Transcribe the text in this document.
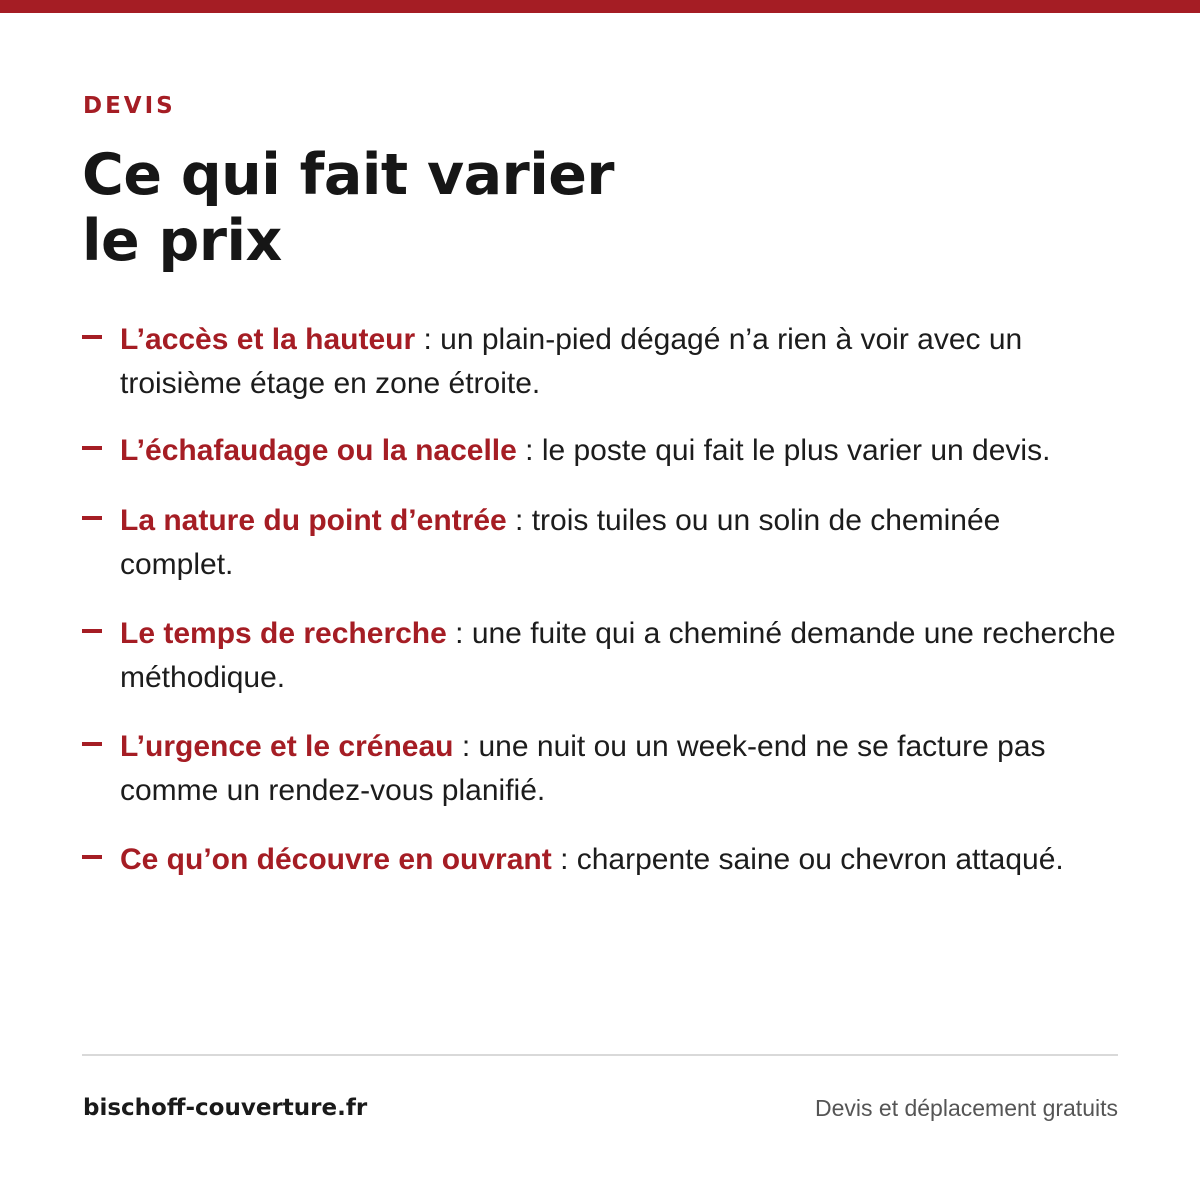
DEVIS
Ce qui fait varier
le prix
L’accès et la hauteur : un plain-pied dégagé n’a rien à voir avec un troisième étage en zone étroite.
L’échafaudage ou la nacelle : le poste qui fait le plus varier un devis.
La nature du point d’entrée : trois tuiles ou un solin de cheminée complet.
Le temps de recherche : une fuite qui a cheminé demande une recherche méthodique.
L’urgence et le créneau : une nuit ou un week-end ne se facture pas comme un rendez-vous planifié.
Ce qu’on découvre en ouvrant : charpente saine ou chevron attaqué.
bischoff-couverture.fr	Devis et déplacement gratuits
